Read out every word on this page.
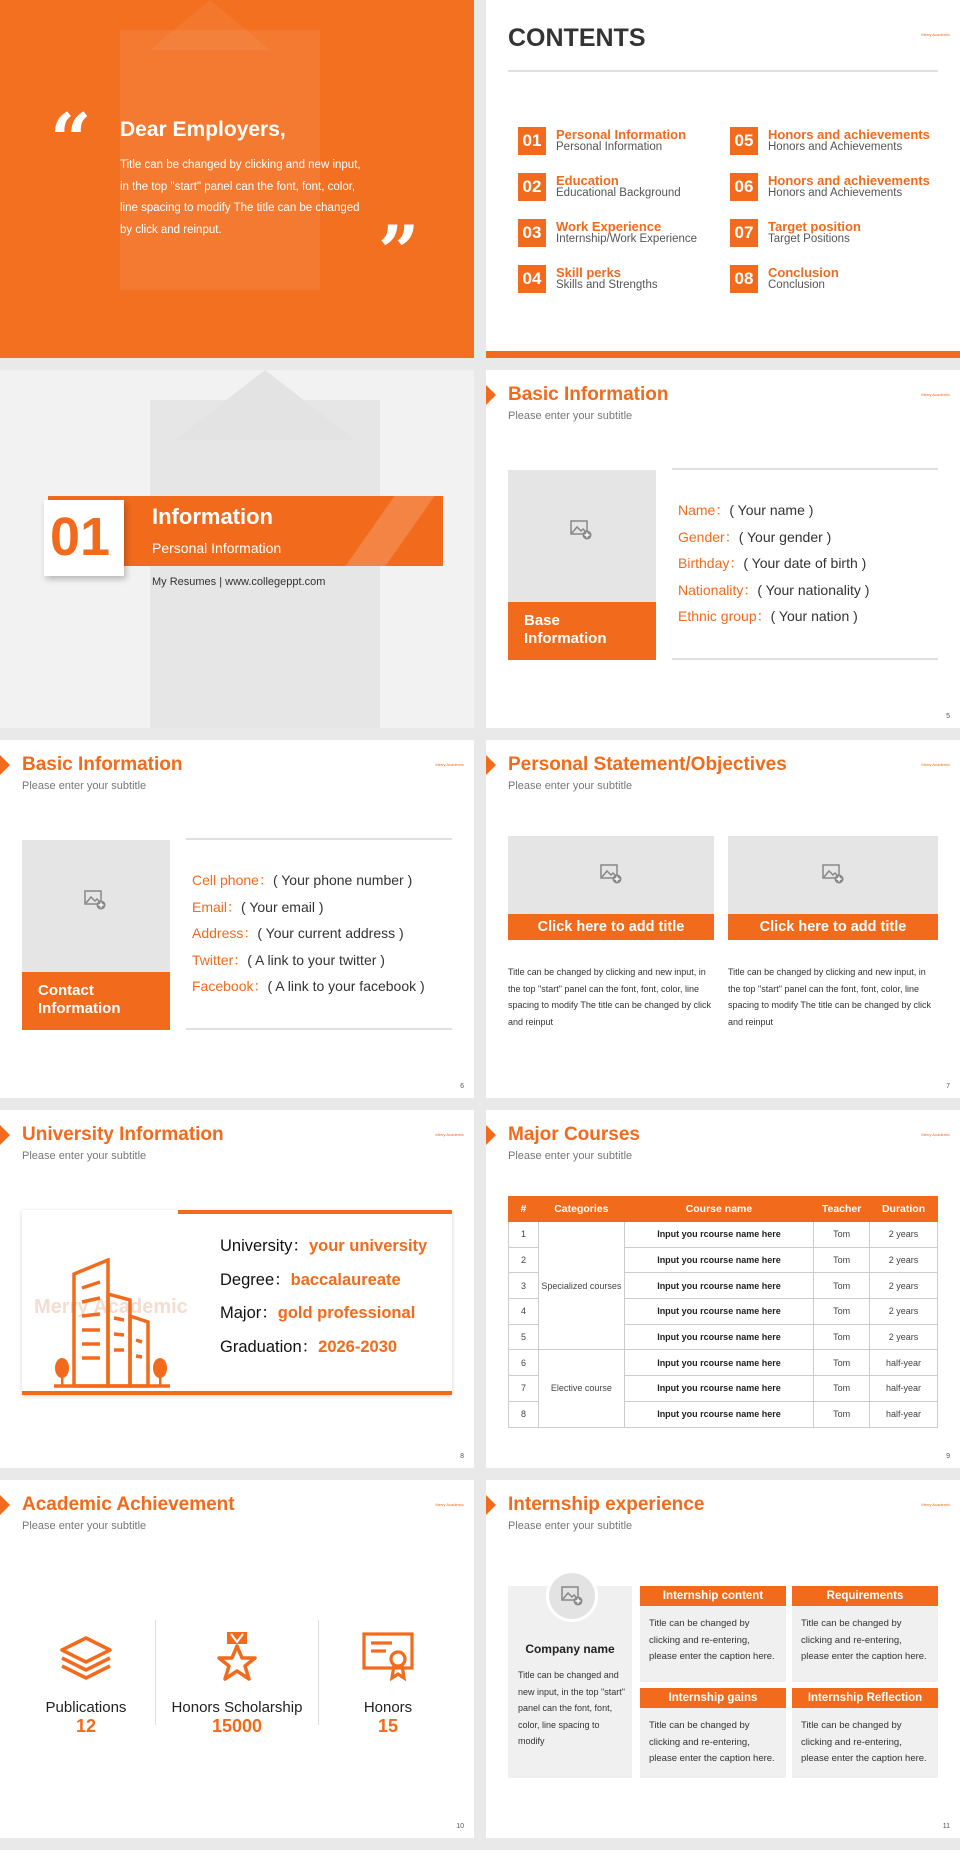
“ Dear Employers,
Title can be changed by clicking and new input, in the top "start" panel can the font, font, color, line spacing to modify The title can be changed by click and reinput.	”
CONTENTS	Merry Academic
01	Personal Information
Personal Information
02	Education
Educational Background
03	Work Experience
Internship/Work Experience
04	Skill perks
Skills and Strengths
05	Honors and achievements
Honors and Achievements
06	Honors and achievements
Honors and Achievements
07	Target position
Target Positions
08	Conclusion
Conclusion
01 Information
Personal Information
My Resumes | www.collegeppt.com
Basic Information
Please enter your subtitle
Merry Academic
Base Information
Name：( Your name )
Gender：( Your gender )
Birthday：( Your date of birth )
Nationality：( Your nationality )
Ethnic group：( Your nation )
5
Basic Information
Please enter your subtitle
Merry Academic
Contact Information
Cell phone：( Your phone number )
Email：( Your email )
Address：( Your current address )
Twitter：( A link to your twitter )
Facebook：( A link to your facebook )
6
Personal Statement/Objectives
Please enter your subtitle
Merry Academic
Click here to add title
Title can be changed by clicking and new input, in the top "start" panel can the font, font, color, line spacing to modify The title can be changed by click and reinput
Click here to add title
Title can be changed by clicking and new input, in the top "start" panel can the font, font, color, line spacing to modify The title can be changed by click and reinput
7
University Information
Please enter your subtitle
Merry Academic
Merry Academic
University：your university
Degree：baccalaureate
Major：gold professional
Graduation：2026-2030
8
Major Courses
Please enter your subtitle
Merry Academic
#	Categories	Course name	Teacher	Duration
1	Specialized courses	Input you rcourse name here	Tom	2 years
2		Input you rcourse name here	Tom	2 years
3		Input you rcourse name here	Tom	2 years
4		Input you rcourse name here	Tom	2 years
5		Input you rcourse name here	Tom	2 years
6	Elective course	Input you rcourse name here	Tom	half-year
7		Input you rcourse name here	Tom	half-year
8		Input you rcourse name here	Tom	half-year
9
Academic Achievement
Please enter your subtitle
Merry Academic
Publications
12
Honors Scholarship
15000
Honors
15
10
Internship experience
Please enter your subtitle
Merry Academic
Company name
Title can be changed and new input, in the top "start" panel can the font, font, color, line spacing to modify
Internship content
Title can be changed by clicking and re-entering, please enter the caption here.
Requirements
Title can be changed by clicking and re-entering, please enter the caption here.
Internship gains
Title can be changed by clicking and re-entering, please enter the caption here.
Internship Reflection
Title can be changed by clicking and re-entering, please enter the caption here.
11
